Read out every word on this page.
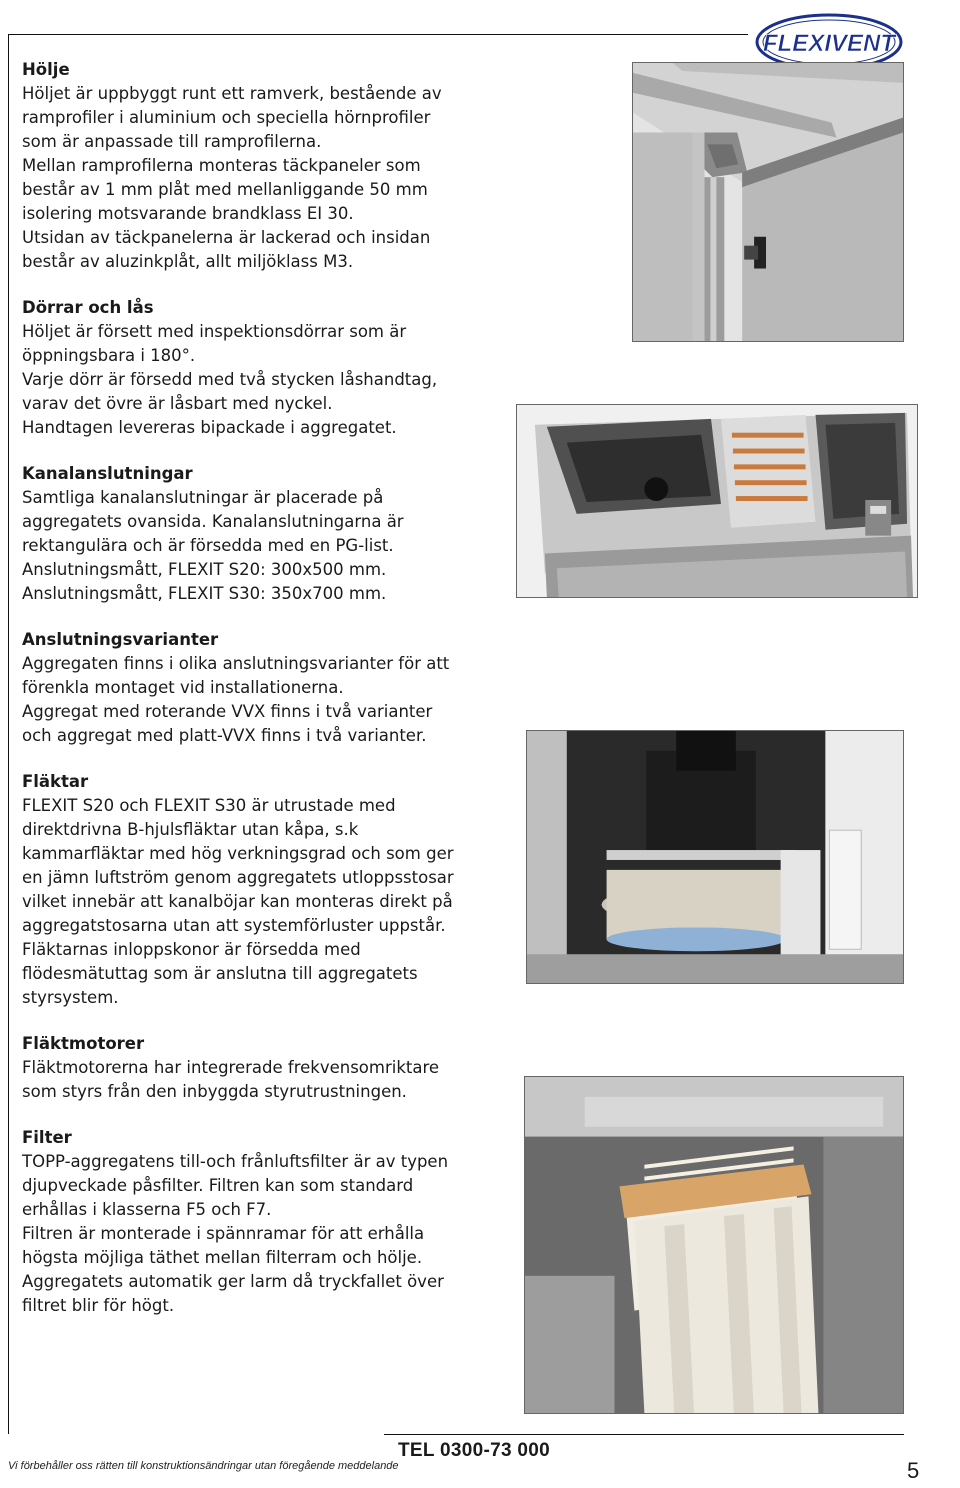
FLEXIVENT
Hölje

Höljet är uppbyggt runt ett ramverk, bestående av
ramprofiler i aluminium och speciella hörnprofiler
som är anpassade till ramprofilerna.
Mellan ramprofilerna monteras täckpaneler som
består av 1 mm plåt med mellanliggande 50 mm
isolering motsvarande brandklass EI 30.
Utsidan av täckpanelerna är lackerad och insidan
består av aluzinkplåt, allt miljöklass M3.

Dörrar och lås

Höljet är försett med inspektionsdörrar som är
öppningsbara i 180°.
Varje dörr är försedd med två stycken låshandtag,
varav det övre är låsbart med nyckel.
Handtagen levereras bipackade i aggregatet.

Kanalanslutningar

Samtliga kanalanslutningar är placerade på
aggregatets ovansida. Kanalanslutningarna är
rektangulära och är försedda med en PG-list.
Anslutningsmått, FLEXIT S20: 300x500 mm.
Anslutningsmått, FLEXIT S30: 350x700 mm.

Anslutningsvarianter

Aggregaten finns i olika anslutningsvarianter för att
förenkla montaget vid installationerna.
Aggregat med roterande VVX finns i två varianter
och aggregat med platt-VVX finns i två varianter.

Fläktar

FLEXIT S20 och FLEXIT S30 är utrustade med
direktdrivna B-hjulsfläktar utan kåpa, s.k
kammarfläktar med hög verkningsgrad och som ger
en jämn luftström genom aggregatets utloppsstosar
vilket innebär att kanalböjar kan monteras direkt på
aggregatstosarna utan att systemförluster uppstår.
Fläktarnas inloppskonor är försedda med
flödesmätuttag som är anslutna till aggregatets
styrsystem.

Fläktmotorer

Fläktmotorerna har integrerade frekvensomriktare
som styrs från den inbyggda styrutrustningen.

Filter

TOPP-aggregatens till-och frånluftsfilter är av typen
djupveckade påsfilter. Filtren kan som standard
erhållas i klasserna F5 och F7.
Filtren är monterade i spännramar för att erhålla
högsta möjliga täthet mellan filterram och hölje.
Aggregatets automatik ger larm då tryckfallet över
filtret blir för högt.

TEL 0300-73 000
Vi förbehåller oss rätten till konstruktionsändringar utan föregående meddelande	5
